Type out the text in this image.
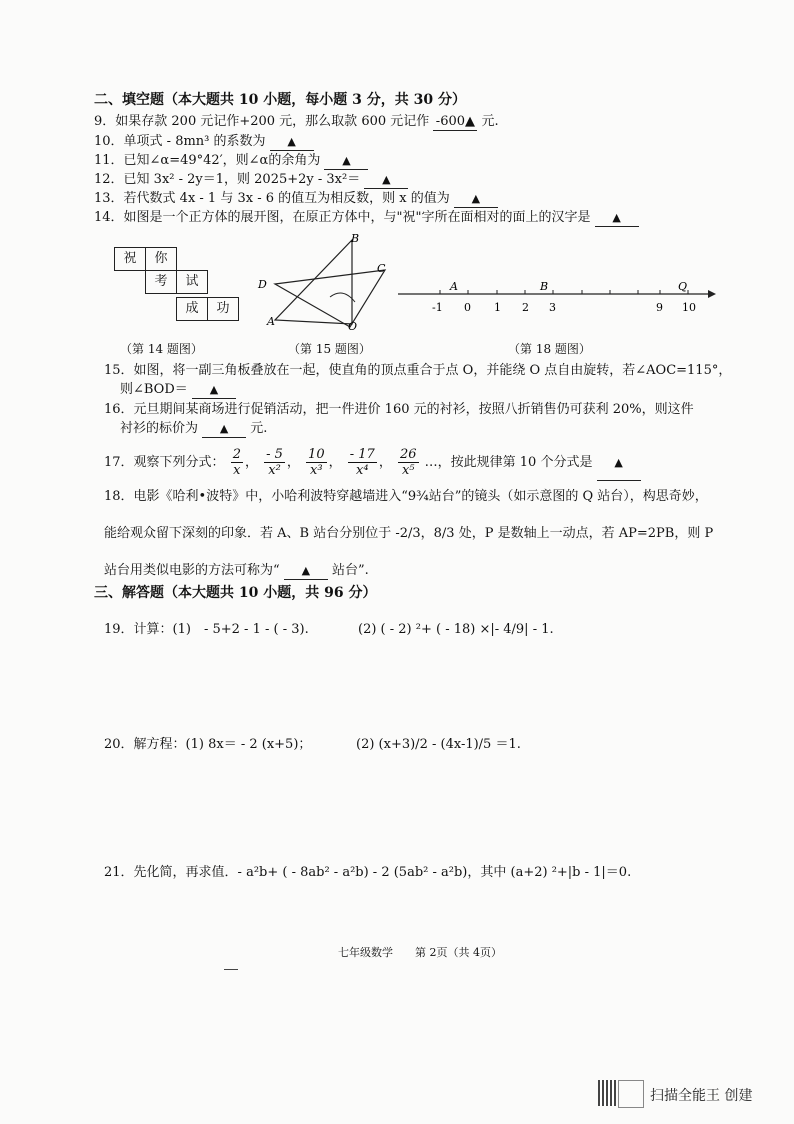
二、填空题（本大题共 10 小题，每小题 3 分，共 30 分）
9．如果存款 200 元记作+200 元，那么取款 600 元记作 -600▲ 元.
10．单项式 - 8mn³ 的系数为 ▲
11．已知∠α=49°42′，则∠α的余角为 ▲
12．已知 3x² - 2y＝1，则 2025+2y - 3x²＝ ▲
13．若代数式 4x - 1 与 3x - 6 的值互为相反数，则 x 的值为 ▲
14．如图是一个正方体的展开图，在原正方体中，与"祝"字所在面相对的面上的汉字是 ▲
祝	你
考	试
成	功
（第 14 题图）
B
C
D
A	O
（第 15 题图）
A	B	Q
-1 0 1 2 3	9 10
（第 18 题图）
15．如图，将一副三角板叠放在一起，使直角的顶点重合于点 O，并能绕 O 点自由旋转，若∠AOC=115°，
则∠BOD＝ ▲
16．元旦期间某商场进行促销活动，把一件进价 160 元的衬衫，按照八折销售仍可获利 20%，则这件
衬衫的标价为 ▲ 元.
17．观察下列分式： $\frac{2}{x}$ ， $\frac{- 5}{\text{x²}}$ ， $\frac{10}{\text{x³}}$ ， $\frac{- 17}{\text{x⁴}}$ ， $\frac{26}{\text{x⁵}}$ …，按此规律第 10 个分式是 ▲
18．电影《哈利•波特》中，小哈利波特穿越墙进入“9¾站台”的镜头（如示意图的 Q 站台），构思奇妙，
能给观众留下深刻的印象．若 A、B 站台分别位于 -2/3，8/3 处，P 是数轴上一动点，若 AP=2PB，则 P
站台用类似电影的方法可称为“ ▲ 站台”.
三、解答题（本大题共 10 小题，共 96 分）
19．计算：(1)　- 5+2 - 1 - ( - 3).	(2) ( - 2) ²+ ( - 18) ×|- 4/9| - 1.
20．解方程：(1) 8x＝ - 2 (x+5)；	(2) (x+3)/2 - (4x-1)/5 ＝1.
21．先化简，再求值．- a²b+ ( - 8ab² - a²b) - 2 (5ab² - a²b)，其中 (a+2) ²+|b - 1|＝0.
七年级数学　　第 2页（共 4页）
扫描全能王 创建
